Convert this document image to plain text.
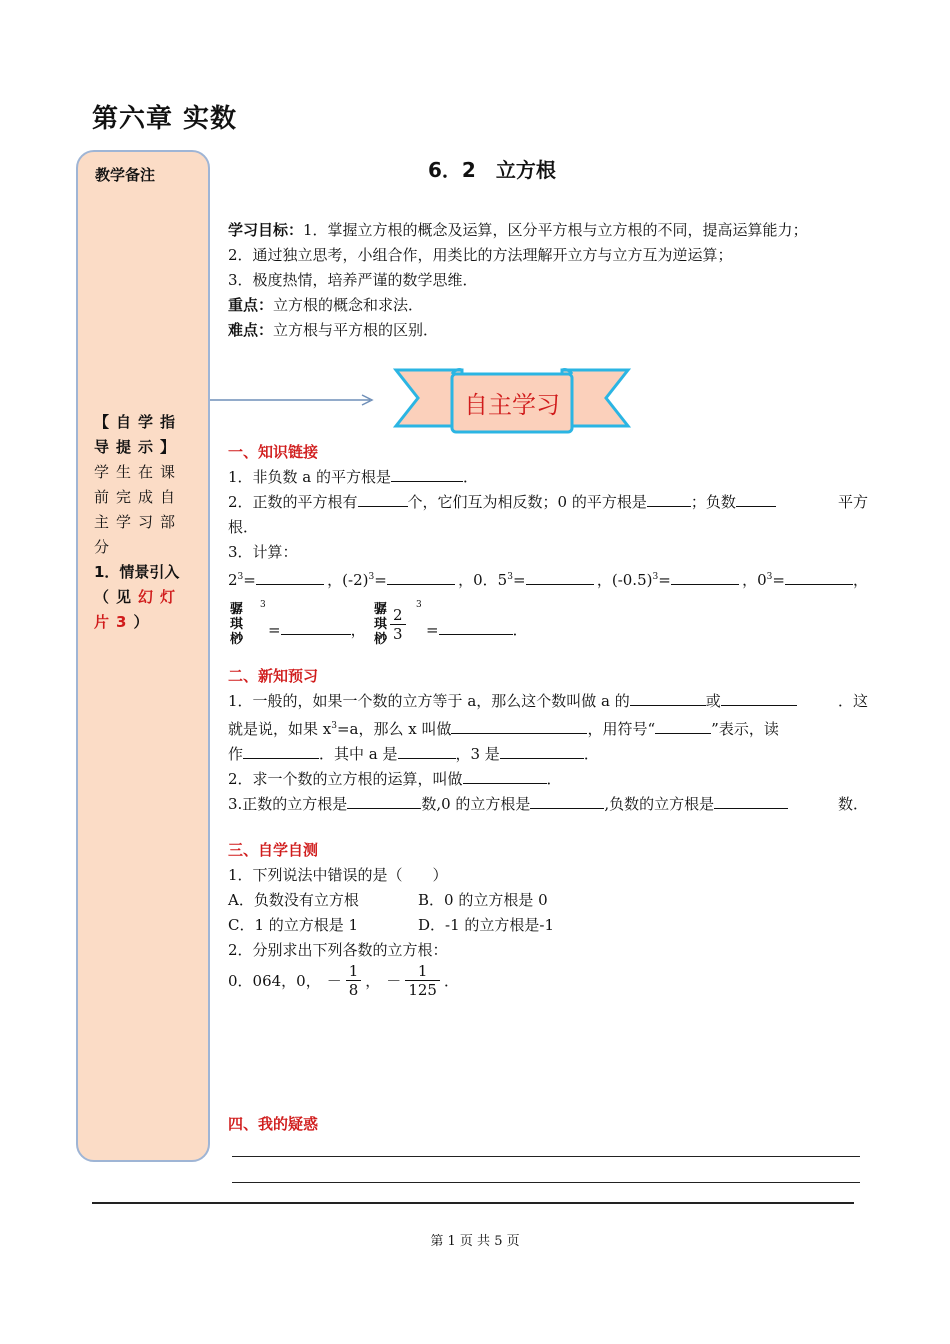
第六章 实数
教学备注
【自学指导提示】
学生在课前完成自主学习部分
1．情景引入
（见幻灯片3）
6．2　立方根
学习目标：1．掌握立方根的概念及运算，区分平方根与立方根的不同，提高运算能力；
2．通过独立思考，小组合作，用类比的方法理解开立方与立方互为逆运算；
3．极度热情，培养严谨的数学思维．
重点：立方根的概念和求法．
难点：立方根与平方根的区别．
自主学习
一、知识链接
1．非负数 a 的平方根是	．
2．正数的平方根有	个，它们互为相反数；0 的平方根是	；负数	平方
根．
3．计算：
$2^3=$	，$(-2)^3=$	，0．$5^3=$	，$(-0.5)^3=$	，$0^3=$	，
骣
琪
桫
3
=	，
骣
琪
桫 $\frac{2}{3}$
3
=	．
二、新知预习
1．一般的，如果一个数的立方等于 a，那么这个数叫做 a 的	或	．这
就是说，如果 $x^3=a$，那么 x 叫做	，用符号“	”表示，读
作	．其中 a 是	，3 是	．
2．求一个数的立方根的运算，叫做	．
3.正数的立方根是	数,0 的立方根是	,负数的立方根是	数．
三、自学自测
1．下列说法中错误的是（　　）
A．负数没有立方根	B．0 的立方根是 0
C．1 的立方根是 1	D．-1 的立方根是-1
2．分别求出下列各数的立方根：
0．064，0， － $\frac{1}{8}$ ， － $\frac{1}{125}$ ．
四、我的疑惑
第 1 页 共 5 页
